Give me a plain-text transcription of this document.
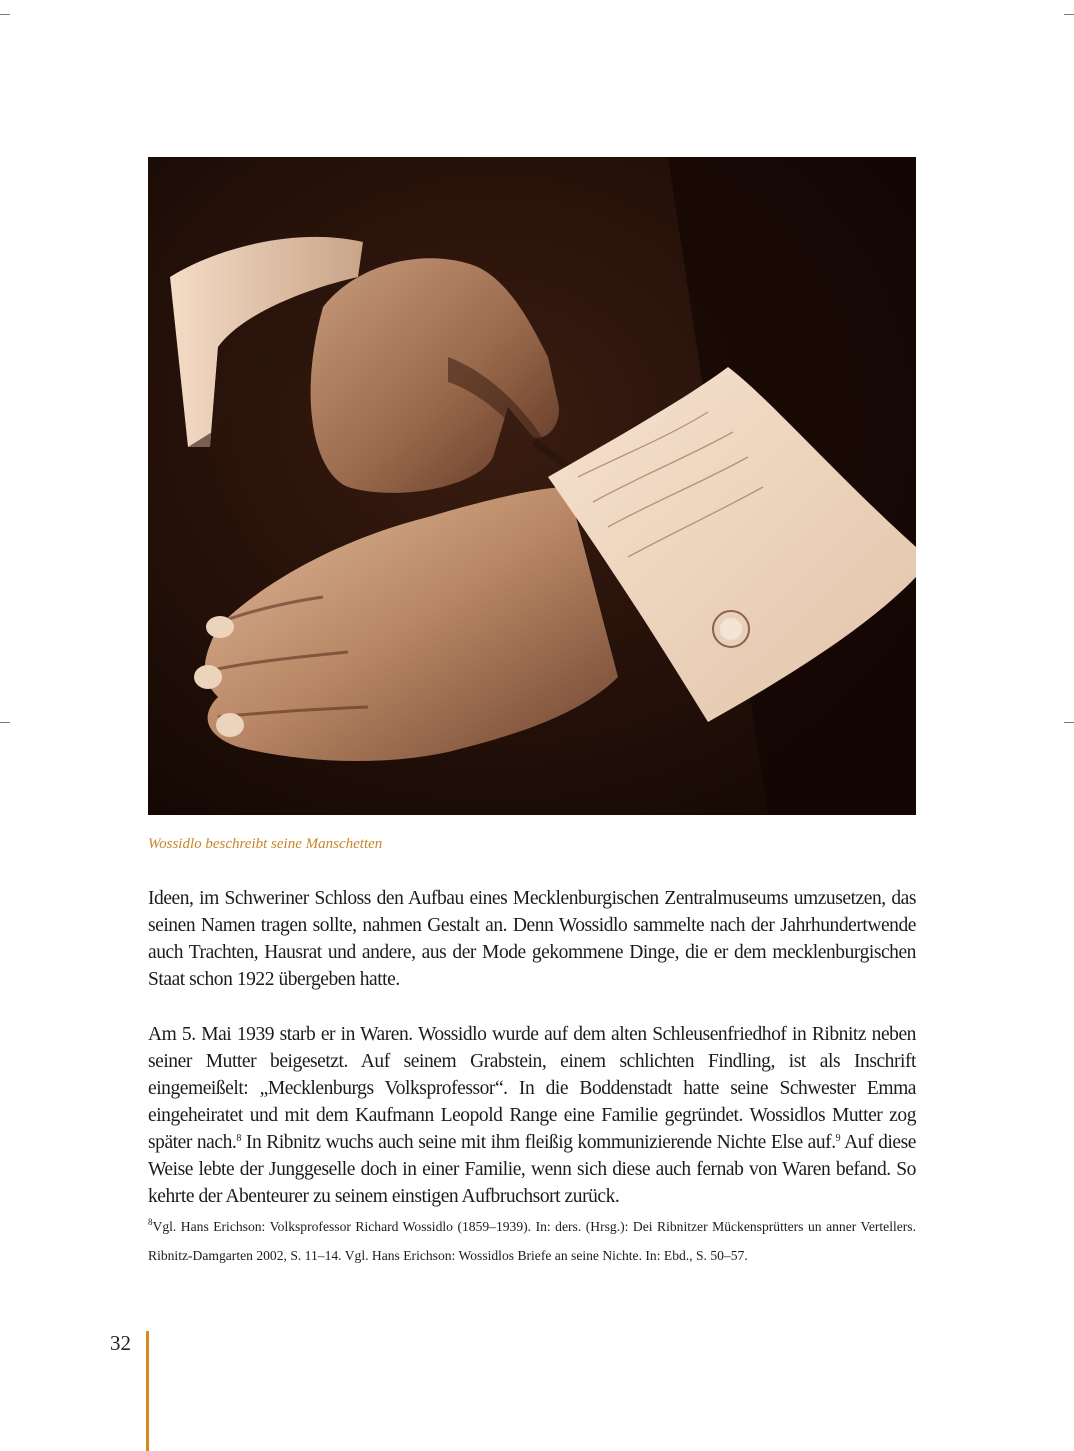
Wossidlo beschreibt seine Manschetten

Ideen, im Schweriner Schloss den Aufbau eines Mecklenburgischen Zentralmuseums umzusetzen, das seinen Namen tragen sollte, nahmen Gestalt an. Denn Wossidlo sammelte nach der Jahrhundertwende auch Trachten, Hausrat und andere, aus der Mode gekommene Dinge, die er dem mecklenburgischen Staat schon 1922 übergeben hatte.

Am 5. Mai 1939 starb er in Waren. Wossidlo wurde auf dem alten Schleusenfriedhof in Ribnitz neben seiner Mutter beigesetzt. Auf seinem Grabstein, einem schlichten Findling, ist als Inschrift eingemeißelt: „Mecklenburgs Volksprofessor“. In die Boddenstadt hatte seine Schwester Emma eingeheiratet und mit dem Kaufmann Leopold Range eine Familie gegründet. Wossidlos Mutter zog später nach.$^8$ In Ribnitz wuchs auch seine mit ihm fleißig kommunizierende Nichte Else auf.$^9$ Auf diese Weise lebte der Junggeselle doch in einer Familie, wenn sich diese auch fernab von Waren befand. So kehrte der Abenteurer zu seinem einstigen Aufbruchsort zurück.

$^8$Vgl. Hans Erichson: Volksprofessor Richard Wossidlo (1859–1939). In: ders. (Hrsg.): Dei Ribnitzer Mückensprütters un anner Vertellers. Ribnitz-Damgarten 2002, S. 11–14. Vgl. Hans Erichson: Wossidlos Briefe an seine Nichte. In: Ebd., S. 50–57.

32
